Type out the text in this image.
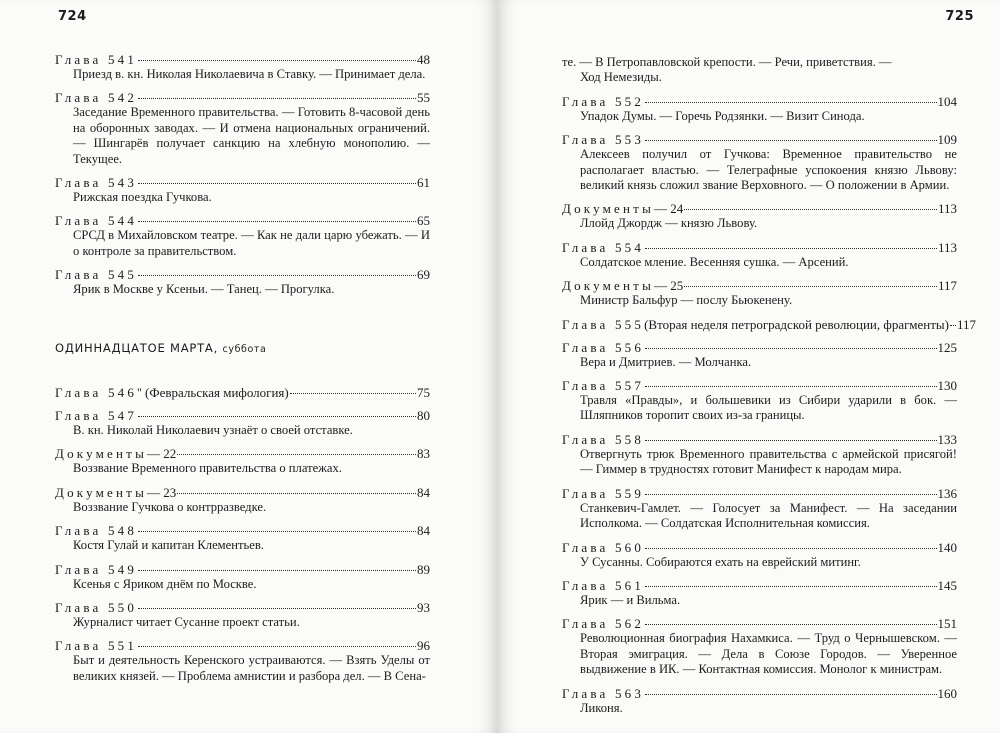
724
Глава 541	48
Приезд в. кн. Николая Николаевича в Ставку. — Принимает дела.
Глава 542	55
Заседание Временного правительства. — Готовить 8-часовой день на оборонных заводах. — И отмена национальных ограничений. — Шингарёв получает санкцию на хлебную монополию. — Текущее.
Глава 543	61
Рижская поездка Гучкова.
Глава 544	65
СРСД в Михайловском театре. — Как не дали царю убежать. — И о контроле за правительством.
Глава 545	69
Ярик в Москве у Ксеньи. — Танец. — Прогулка.
ОДИННАДЦАТОЕ МАРТА, суббота
Глава 546 '' (Февральская мифология)	75
Глава 547	80
В. кн. Николай Николаевич узнаёт о своей отставке.
Документы — 22	83
Воззвание Временного правительства о платежах.
Документы — 23	84
Воззвание Гучкова о контрразведке.
Глава 548	84
Костя Гулай и капитан Клементьев.
Глава 549	89
Ксенья с Яриком днём по Москве.
Глава 550	93
Журналист читает Сусанне проект статьи.
Глава 551	96
Быт и деятельность Керенского устраиваются. — Взять Уделы от великих князей. — Проблема амнистии и разбора дел. — В Сена-
725
те. — В Петропавловской крепости. — Речи, приветствия. —
Ход Немезиды.
Глава 552	104
Упадок Думы. — Горечь Родзянки. — Визит Синода.
Глава 553	109
Алексеев получил от Гучкова: Временное правительство не располагает властью. — Телеграфные успокоения князю Львову: великий князь сложил звание Верховного. — О положении в Армии.
Документы — 24	113
Ллойд Джордж — князю Львову.
Глава 554	113
Солдатское мление. Весенняя сушка. — Арсений.
Документы — 25	117
Министр Бальфур — послу Бьюкенену.
Глава 555 (Вторая неделя петроградской революции, фрагменты) 117
Глава 556	125
Вера и Дмитриев. — Молчанка.
Глава 557	130
Травля «Правды», и большевики из Сибири ударили в бок. — Шляпников торопит своих из-за границы.
Глава 558	133
Отвергнуть трюк Временного правительства с армейской присягой! — Гиммер в трудностях готовит Манифест к народам мира.
Глава 559	136
Станкевич-Гамлет. — Голосует за Манифест. — На заседании Исполкома. — Солдатская Исполнительная комиссия.
Глава 560	140
У Сусанны. Собираются ехать на еврейский митинг.
Глава 561	145
Ярик — и Вильма.
Глава 562	151
Революционная биография Нахамкиса. — Труд о Чернышевском. — Вторая эмиграция. — Дела в Союзе Городов. — Уверенное выдвижение в ИК. — Контактная комиссия. Монолог к министрам.
Глава 563	160
Ликоня.
